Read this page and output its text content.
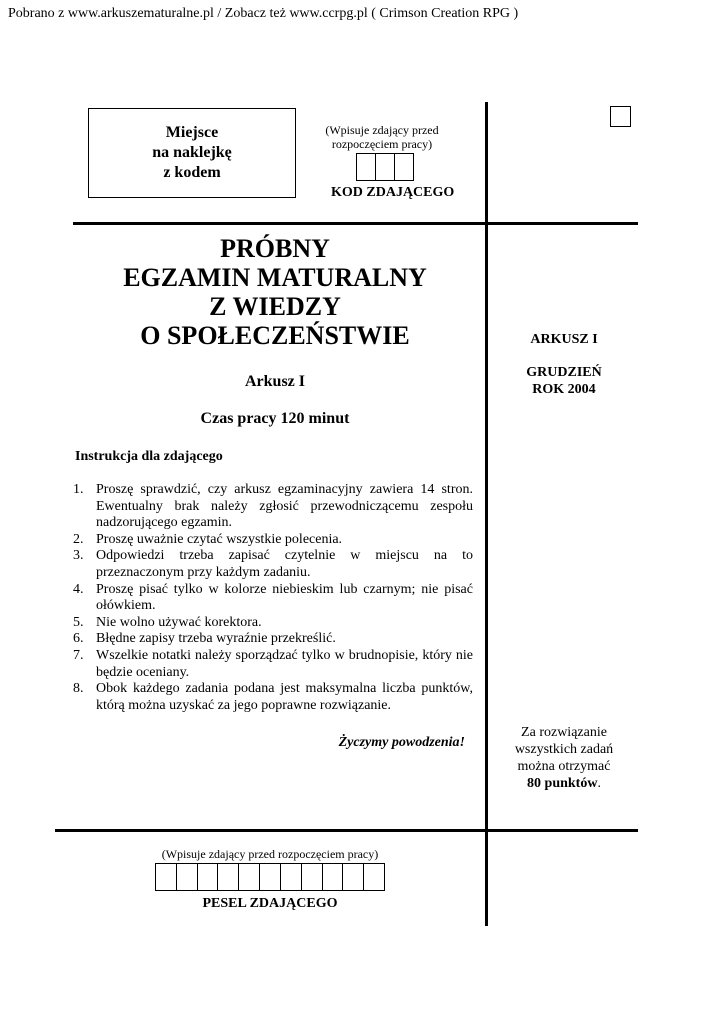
Pobrano z www.arkuszematuralne.pl / Zobacz też www.ccrpg.pl ( Crimson Creation RPG )
Miejsce
na naklejkę
z kodem
(Wpisuje zdający przed rozpoczęciem pracy)
KOD ZDAJĄCEGO
PRÓBNY
EGZAMIN MATURALNY
Z WIEDZY
O SPOŁECZEŃSTWIE
Arkusz I
Czas pracy 120 minut
Instrukcja dla zdającego
1. Proszę sprawdzić, czy arkusz egzaminacyjny zawiera 14 stron. Ewentualny brak należy zgłosić przewodniczącemu zespołu nadzorującego egzamin.
2. Proszę uważnie czytać wszystkie polecenia.
3. Odpowiedzi trzeba zapisać czytelnie w miejscu na to przeznaczonym przy każdym zadaniu.
4. Proszę pisać tylko w kolorze niebieskim lub czarnym; nie pisać ołówkiem.
5. Nie wolno używać korektora.
6. Błędne zapisy trzeba wyraźnie przekreślić.
7. Wszelkie notatki należy sporządzać tylko w brudnopisie, który nie będzie oceniany.
8. Obok każdego zadania podana jest maksymalna liczba punktów, którą można uzyskać za jego poprawne rozwiązanie.
Życzymy powodzenia!
ARKUSZ I
GRUDZIEŃ
ROK 2004
Za rozwiązanie
wszystkich zadań
można otrzymać
80 punktów.
(Wpisuje zdający przed rozpoczęciem pracy)
PESEL ZDAJĄCEGO
